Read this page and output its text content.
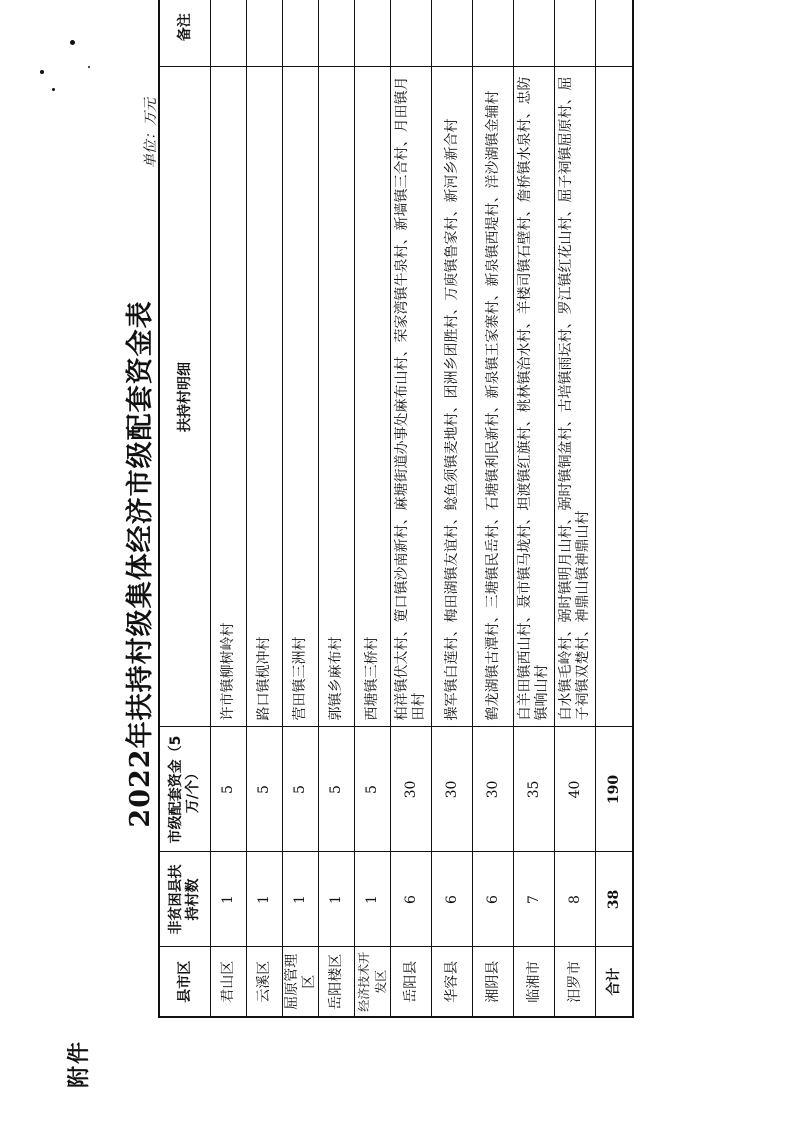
附件
2022年扶持村级集体经济市级配套资金表
单位：万元
县市区	非贫困县扶持村数	市级配套资金（5万/个）	扶持村明细	备注
君山区	1	5	许市镇柳树岭村	
云溪区	1	5	路口镇枧冲村	
屈原管理区	1	5	营田镇三洲村	
岳阳楼区	1	5	郭镇乡麻布村	
经济技术开发区	1	5	西塘镇三桥村	
岳阳县	6	30	柏祥镇伏太村、筻口镇沙南新村、麻塘街道办事处麻布山村、荣家湾镇牛泉村、新墙镇三合村、月田镇月田村	
华容县	6	30	操军镇白莲村、梅田湖镇友谊村、鲶鱼须镇麦地村、团洲乡团胜村、万庾镇鲁家村、新河乡新合村	
湘阴县	6	30	鹤龙湖镇古潭村、三塘镇民岳村、石塘镇利民新村、新泉镇王家寨村、新泉镇西堤村、洋沙湖镇金辅村	
临湘市	7	35	白羊田镇西山村、聂市镇马垅村、坦渡镇红旗村、桃林镇治水村、羊楼司镇石壁村、詹桥镇水泉村、忠防镇响山村	
汨罗市	8	40	白水镇毛岭村、弼时镇明月山村、弼时镇铜盆村、古培镇雨坛村、罗江镇红花山村、屈子祠镇屈原村、屈子祠镇双楚村、神鼎山镇神鼎山村	
合计	38	190		
